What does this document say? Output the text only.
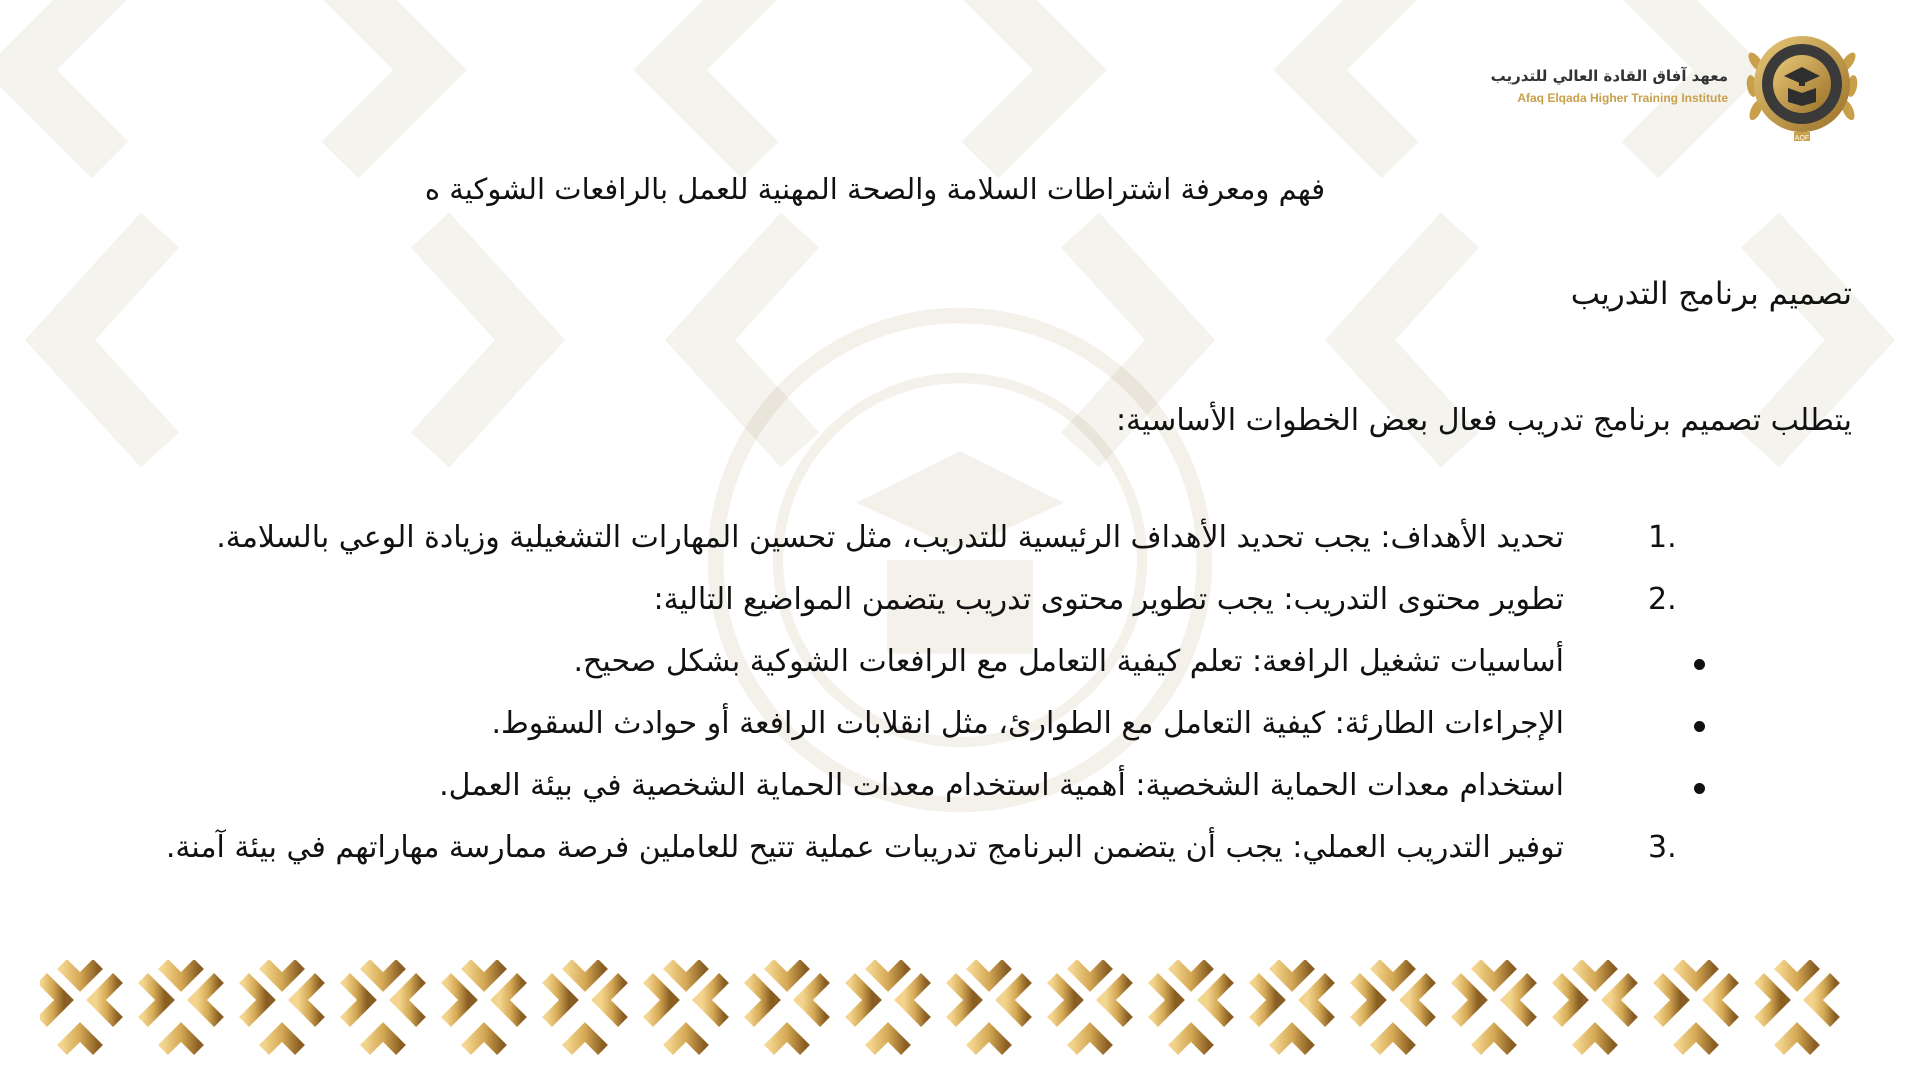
معهد آفاق القادة العالي للتدريب
Afaq Elqada Higher Training Institute
AQF
فهم ومعرفة اشتراطات السلامة والصحة المهنية للعمل بالرافعات الشوكية ه
تصميم برنامج التدريب

يتطلب تصميم برنامج تدريب فعال بعض الخطوات الأساسية:

1.
تحديد الأهداف: يجب تحديد الأهداف الرئيسية للتدريب، مثل تحسين المهارات التشغيلية وزيادة الوعي بالسلامة.
2.
تطوير محتوى التدريب: يجب تطوير محتوى تدريب يتضمن المواضيع التالية:
أساسيات تشغيل الرافعة: تعلم كيفية التعامل مع الرافعات الشوكية بشكل صحيح.
الإجراءات الطارئة: كيفية التعامل مع الطوارئ، مثل انقلابات الرافعة أو حوادث السقوط.
استخدام معدات الحماية الشخصية: أهمية استخدام معدات الحماية الشخصية في بيئة العمل.
3.
توفير التدريب العملي: يجب أن يتضمن البرنامج تدريبات عملية تتيح للعاملين فرصة ممارسة مهاراتهم في بيئة آمنة.
